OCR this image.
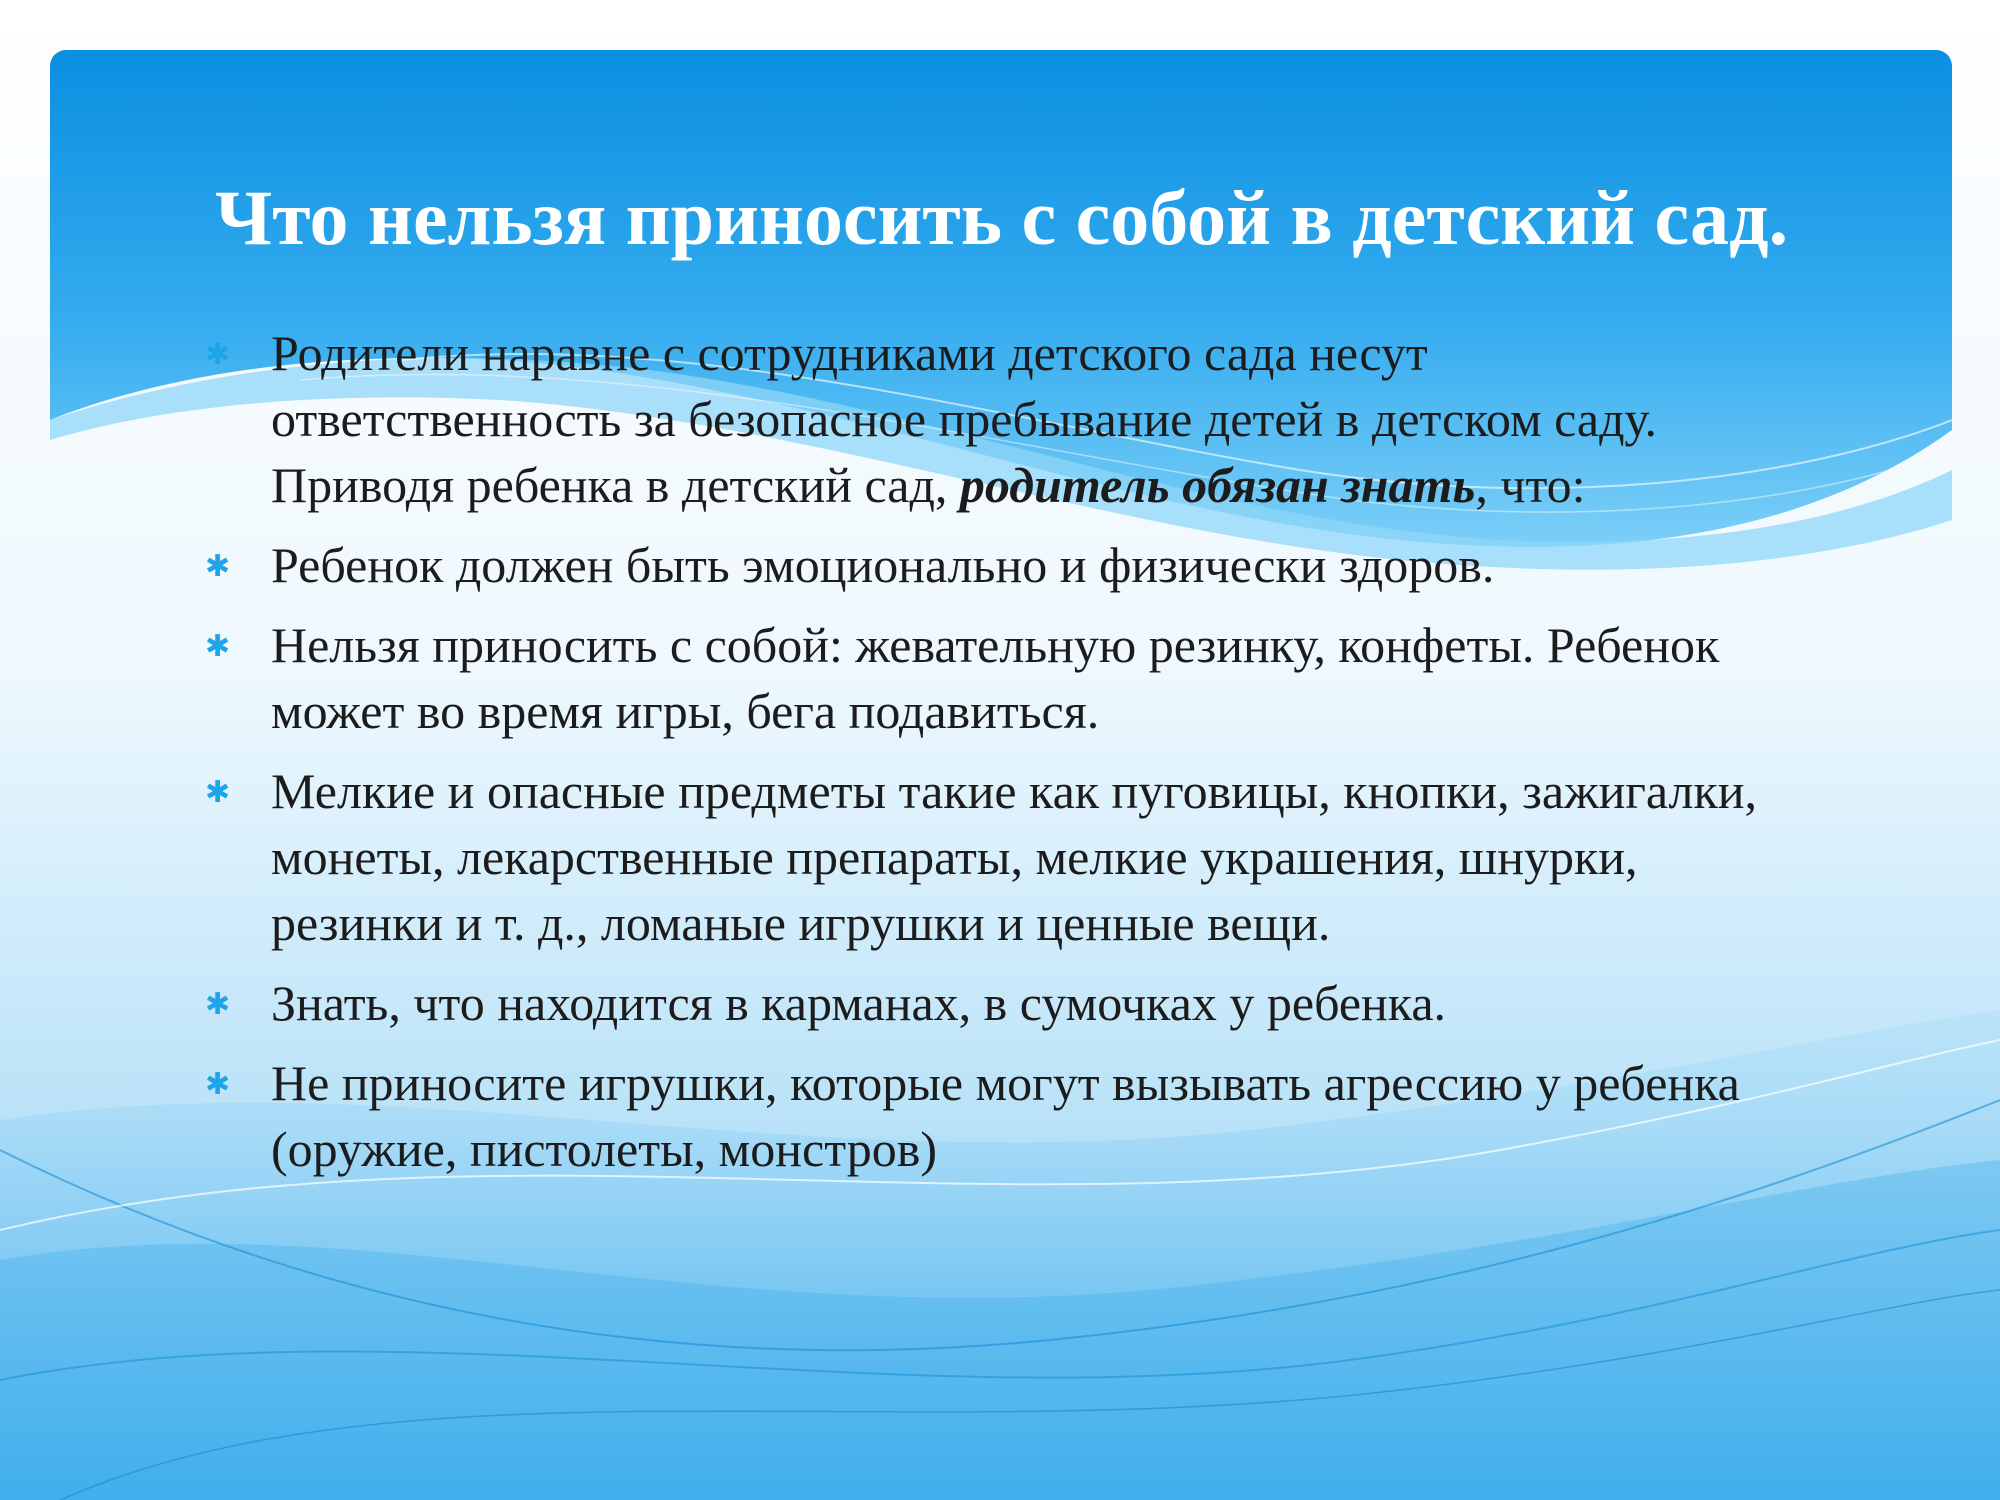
Что нельзя приносить с собой в детский сад.
✱ Родители наравне с сотрудниками детского сада несут ответственность за безопасное пребывание детей в детском саду. Приводя ребенка в детский сад, родитель обязан знать, что:
✱ Ребенок должен быть эмоционально и физически здоров.
✱ Нельзя приносить с собой: жевательную резинку, конфеты. Ребенок может во время игры, бега подавиться.
✱ Мелкие и опасные предметы такие как пуговицы, кнопки, зажигалки, монеты, лекарственные препараты, мелкие украшения, шнурки, резинки и т. д., ломаные игрушки и ценные вещи.
✱ Знать, что находится в карманах, в сумочках у ребенка.
✱ Не приносите игрушки, которые могут вызывать агрессию у ребенка (оружие, пистолеты, монстров)
